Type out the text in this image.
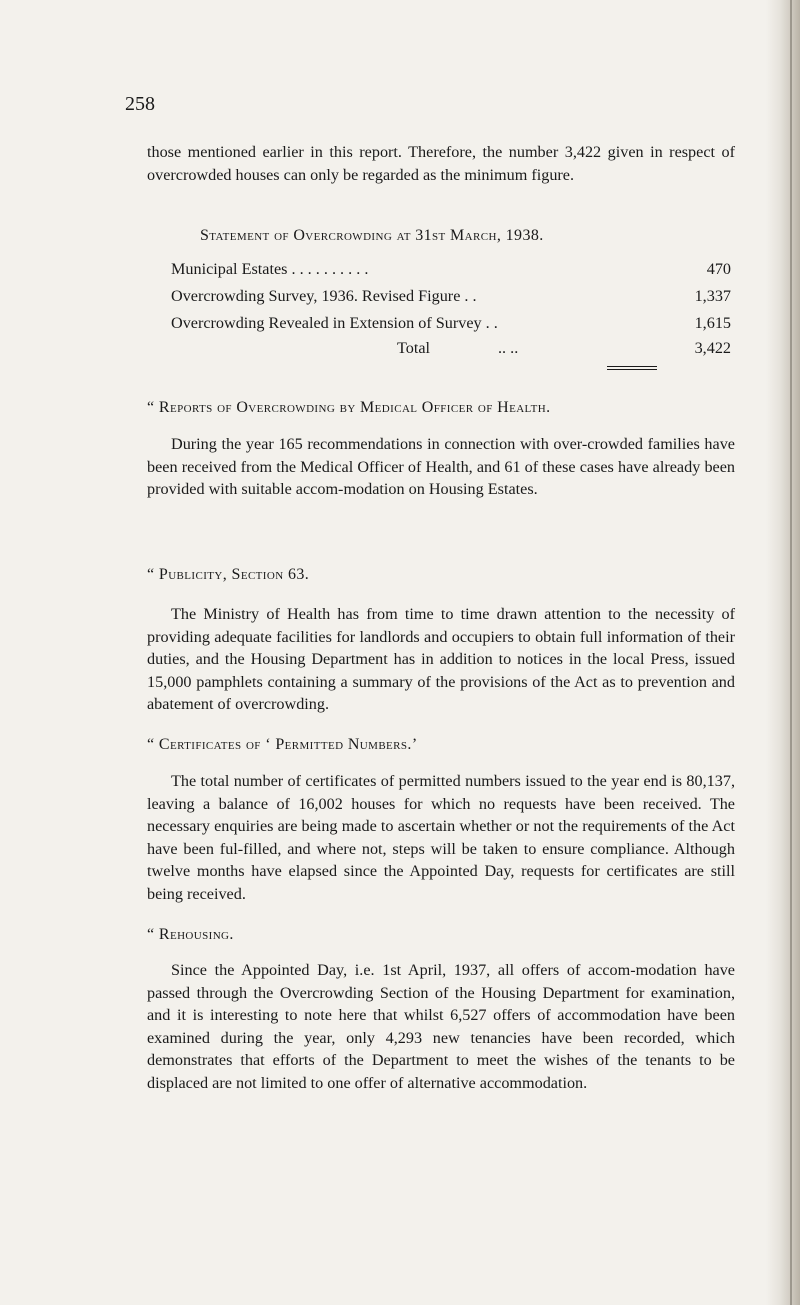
258

those mentioned earlier in this report. Therefore, the number 3,422 given in respect of overcrowded houses can only be regarded as the minimum figure.

Statement of Overcrowding at 31st March, 1938.
Municipal Estates . . . . . . . . . .	470
Overcrowding Survey, 1936. Revised Figure . .	1,337
Overcrowding Revealed in Extension of Survey . .	1,615
Total	.. ..	3,422
“ Reports of Overcrowding by Medical Officer of Health.

During the year 165 recommendations in connection with over-crowded families have been received from the Medical Officer of Health, and 61 of these cases have already been provided with suitable accom-modation on Housing Estates.

“ Publicity, Section 63.

The Ministry of Health has from time to time drawn attention to the necessity of providing adequate facilities for landlords and occupiers to obtain full information of their duties, and the Housing Department has in addition to notices in the local Press, issued 15,000 pamphlets containing a summary of the provisions of the Act as to prevention and abatement of overcrowding.

“ Certificates of ‘ Permitted Numbers.’

The total number of certificates of permitted numbers issued to the year end is 80,137, leaving a balance of 16,002 houses for which no requests have been received. The necessary enquiries are being made to ascertain whether or not the requirements of the Act have been ful-filled, and where not, steps will be taken to ensure compliance. Although twelve months have elapsed since the Appointed Day, requests for certificates are still being received.

“ Rehousing.

Since the Appointed Day, i.e. 1st April, 1937, all offers of accom-modation have passed through the Overcrowding Section of the Housing Department for examination, and it is interesting to note here that whilst 6,527 offers of accommodation have been examined during the year, only 4,293 new tenancies have been recorded, which demonstrates that efforts of the Department to meet the wishes of the tenants to be displaced are not limited to one offer of alternative accommodation.
